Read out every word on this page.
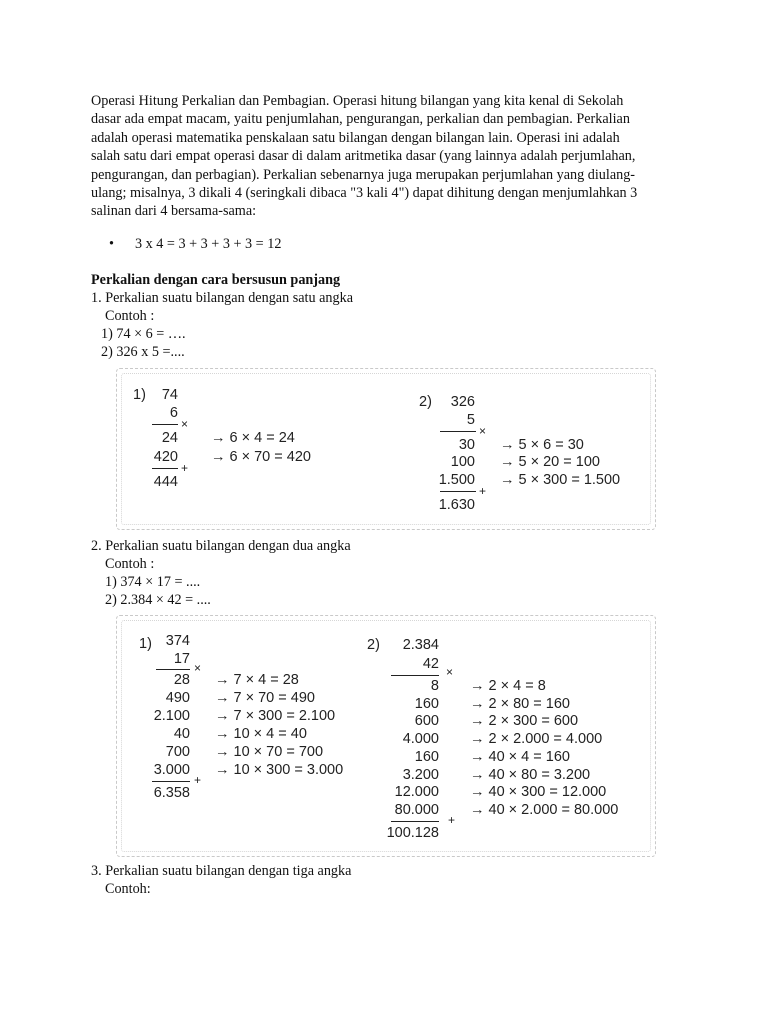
Operasi Hitung Perkalian dan Pembagian. Operasi hitung bilangan yang kita kenal di Sekolah
dasar ada empat macam, yaitu penjumlahan, pengurangan, perkalian dan pembagian. Perkalian
adalah operasi matematika penskalaan satu bilangan dengan bilangan lain. Operasi ini adalah
salah satu dari empat operasi dasar di dalam aritmetika dasar (yang lainnya adalah perjumlahan,
pengurangan, dan perbagian). Perkalian sebenarnya juga merupakan perjumlahan yang diulang-
ulang; misalnya, 3 dikali 4 (seringkali dibaca "3 kali 4") dapat dihitung dengan menjumlahkan 3
salinan dari 4 bersama-sama:

• 3 x 4 = 3 + 3 + 3 + 3 = 12
Perkalian dengan cara bersusun panjang
1. Perkalian suatu bilangan dengan satu angka
Contoh :
1) 74 × 6 = ….
2) 326 x 5 =....
1)	74
6
×
24 → 6 × 4 = 24
420 → 6 × 70 = 420
+
444
2)	326
5
×
30 → 5 × 6 = 30
100 → 5 × 20 = 100
1.500 → 5 × 300 = 1.500
+
1.630
2. Perkalian suatu bilangan dengan dua angka
Contoh :
1) 374 × 17 = ....
2) 2.384 × 42 = ....
1) 374
17
×
28 → 7 × 4 = 28
490 → 7 × 70 = 490
2.100 → 7 × 300 = 2.100
40 → 10 × 4 = 40
700 → 10 × 70 = 700
3.000 → 10 × 300 = 3.000
+
6.358
2)	2.384
42 ×
8 → 2 × 4 = 8
160 → 2 × 80 = 160
600 → 2 × 300 = 600
4.000 → 2 × 2.000 = 4.000
160 → 40 × 4 = 160
3.200 → 40 × 80 = 3.200
12.000 → 40 × 300 = 12.000
80.000 → 40 × 2.000 = 80.000
+
100.128
3. Perkalian suatu bilangan dengan tiga angka
Contoh:
